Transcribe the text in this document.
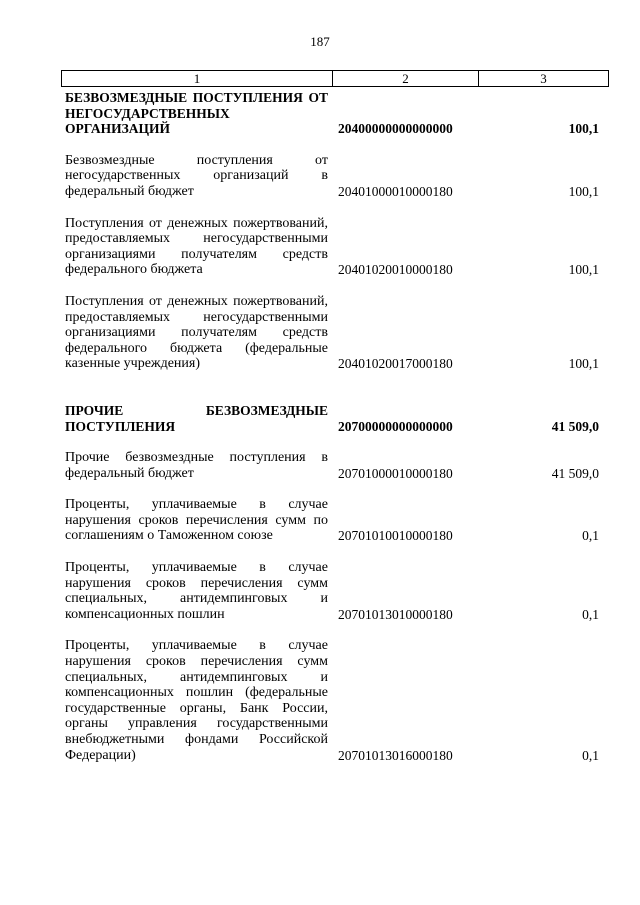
187
1	2	3
БЕЗВОЗМЕЗДНЫЕ ПОСТУПЛЕНИЯ ОТ НЕГОСУДАРСТВЕННЫХ ОРГАНИЗАЦИЙ	20400000000000000	100,1
Безвозмездные поступления от негосударственных организаций в федеральный бюджет	20401000010000180	100,1
Поступления от денежных пожертвований, предоставляемых негосударственными организациями получателям средств федерального бюджета	20401020010000180	100,1
Поступления от денежных пожертвований, предоставляемых негосударственными организациями получателям средств федерального бюджета (федеральные казенные учреждения)	20401020017000180	100,1
ПРОЧИЕ БЕЗВОЗМЕЗДНЫЕ ПОСТУПЛЕНИЯ	20700000000000000	41 509,0
Прочие безвозмездные поступления в федеральный бюджет	20701000010000180	41 509,0
Проценты, уплачиваемые в случае нарушения сроков перечисления сумм по соглашениям о Таможенном союзе	20701010010000180	0,1
Проценты, уплачиваемые в случае нарушения сроков перечисления сумм специальных, антидемпинговых и компенсационных пошлин	20701013010000180	0,1
Проценты, уплачиваемые в случае нарушения сроков перечисления сумм специальных, антидемпинговых и компенсационных пошлин (федеральные государственные органы, Банк России, органы управления государственными внебюджетными фондами Российской Федерации)	20701013016000180	0,1
